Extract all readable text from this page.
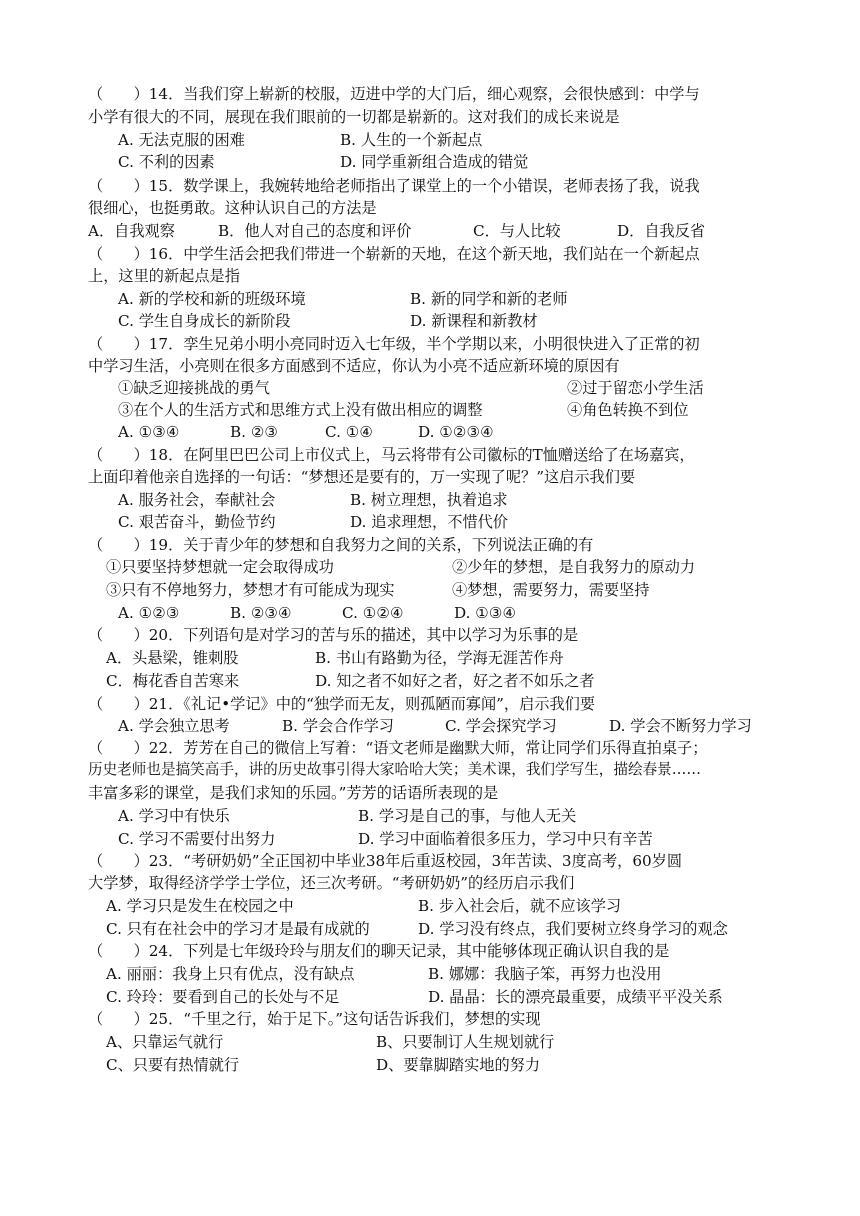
（　　）14．当我们穿上崭新的校服，迈进中学的大门后，细心观察，会很快感到：中学与
小学有很大的不同，展现在我们眼前的一切都是崭新的。这对我们的成长来说是
A. 无法克服的困难	B. 人生的一个新起点
C. 不利的因素	D. 同学重新组合造成的错觉
（　　）15．数学课上，我婉转地给老师指出了课堂上的一个小错误，老师表扬了我，说我
很细心，也挺勇敢。这种认识自己的方法是
A．自我观察	B．他人对自己的态度和评价	C．与人比较	D．自我反省
（　　）16．中学生活会把我们带进一个崭新的天地，在这个新天地，我们站在一个新起点
上，这里的新起点是指
A. 新的学校和新的班级环境	B. 新的同学和新的老师
C. 学生自身成长的新阶段	D. 新课程和新教材
（　　）17．孪生兄弟小明小亮同时迈入七年级，半个学期以来，小明很快进入了正常的初
中学习生活，小亮则在很多方面感到不适应，你认为小亮不适应新环境的原因有
①缺乏迎接挑战的勇气	②过于留恋小学生活
③在个人的生活方式和思维方式上没有做出相应的调整	④角色转换不到位
A. ①③④	B. ②③	C. ①④	D. ①②③④
（　　）18．在阿里巴巴公司上市仪式上，马云将带有公司徽标的T恤赠送给了在场嘉宾，
上面印着他亲自选择的一句话：“梦想还是要有的，万一实现了呢？”这启示我们要
A. 服务社会，奉献社会	B. 树立理想，执着追求
C. 艰苦奋斗，勤俭节约	D. 追求理想，不惜代价
（　　）19．关于青少年的梦想和自我努力之间的关系，下列说法正确的有
①只要坚持梦想就一定会取得成功	②少年的梦想，是自我努力的原动力
③只有不停地努力，梦想才有可能成为现实	④梦想，需要努力，需要坚持
A. ①②③	B. ②③④	C. ①②④	D. ①③④
（　　）20．下列语句是对学习的苦与乐的描述，其中以学习为乐事的是
A．头悬梁，锥刺股	B. 书山有路勤为径，学海无涯苦作舟
C．梅花香自苦寒来	D. 知之者不如好之者，好之者不如乐之者
（　　）21．《礼记•学记》中的“独学而无友，则孤陋而寡闻”，启示我们要
A. 学会独立思考	B. 学会合作学习	C. 学会探究学习	D. 学会不断努力学习
（　　）22．芳芳在自己的微信上写着：“语文老师是幽默大师，常让同学们乐得直拍桌子；
历史老师也是搞笑高手，讲的历史故事引得大家哈哈大笑；美术课，我们学写生，描绘春景……
丰富多彩的课堂，是我们求知的乐园。”芳芳的话语所表现的是
A. 学习中有快乐	B. 学习是自己的事，与他人无关
C. 学习不需要付出努力	D. 学习中面临着很多压力，学习中只有辛苦
（　　）23．“考研奶奶”全正国初中毕业38年后重返校园，3年苦读、3度高考，60岁圆
大学梦，取得经济学学士学位，还三次考研。“考研奶奶”的经历启示我们
A. 学习只是发生在校园之中	B. 步入社会后，就不应该学习
C. 只有在社会中的学习才是最有成就的	D. 学习没有终点，我们要树立终身学习的观念
（　　）24．下列是七年级玲玲与朋友们的聊天记录，其中能够体现正确认识自我的是
A. 丽丽：我身上只有优点，没有缺点	B. 娜娜：我脑子笨，再努力也没用
C. 玲玲：要看到自己的长处与不足	D. 晶晶：长的漂亮最重要，成绩平平没关系
（　　）25．“千里之行，始于足下。”这句话告诉我们，梦想的实现
A、只靠运气就行	B、只要制订人生规划就行
C、只要有热情就行	D、要靠脚踏实地的努力
